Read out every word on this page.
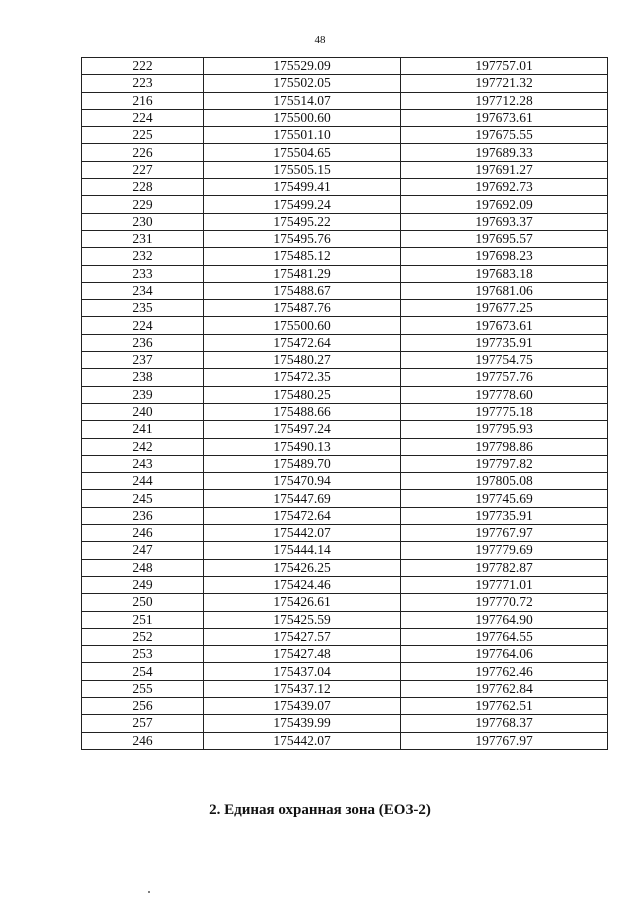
48
222	175529.09	197757.01
223	175502.05	197721.32
216	175514.07	197712.28
224	175500.60	197673.61
225	175501.10	197675.55
226	175504.65	197689.33
227	175505.15	197691.27
228	175499.41	197692.73
229	175499.24	197692.09
230	175495.22	197693.37
231	175495.76	197695.57
232	175485.12	197698.23
233	175481.29	197683.18
234	175488.67	197681.06
235	175487.76	197677.25
224	175500.60	197673.61
236	175472.64	197735.91
237	175480.27	197754.75
238	175472.35	197757.76
239	175480.25	197778.60
240	175488.66	197775.18
241	175497.24	197795.93
242	175490.13	197798.86
243	175489.70	197797.82
244	175470.94	197805.08
245	175447.69	197745.69
236	175472.64	197735.91
246	175442.07	197767.97
247	175444.14	197779.69
248	175426.25	197782.87
249	175424.46	197771.01
250	175426.61	197770.72
251	175425.59	197764.90
252	175427.57	197764.55
253	175427.48	197764.06
254	175437.04	197762.46
255	175437.12	197762.84
256	175439.07	197762.51
257	175439.99	197768.37
246	175442.07	197767.97
2. Единая охранная зона (ЕОЗ-2)
